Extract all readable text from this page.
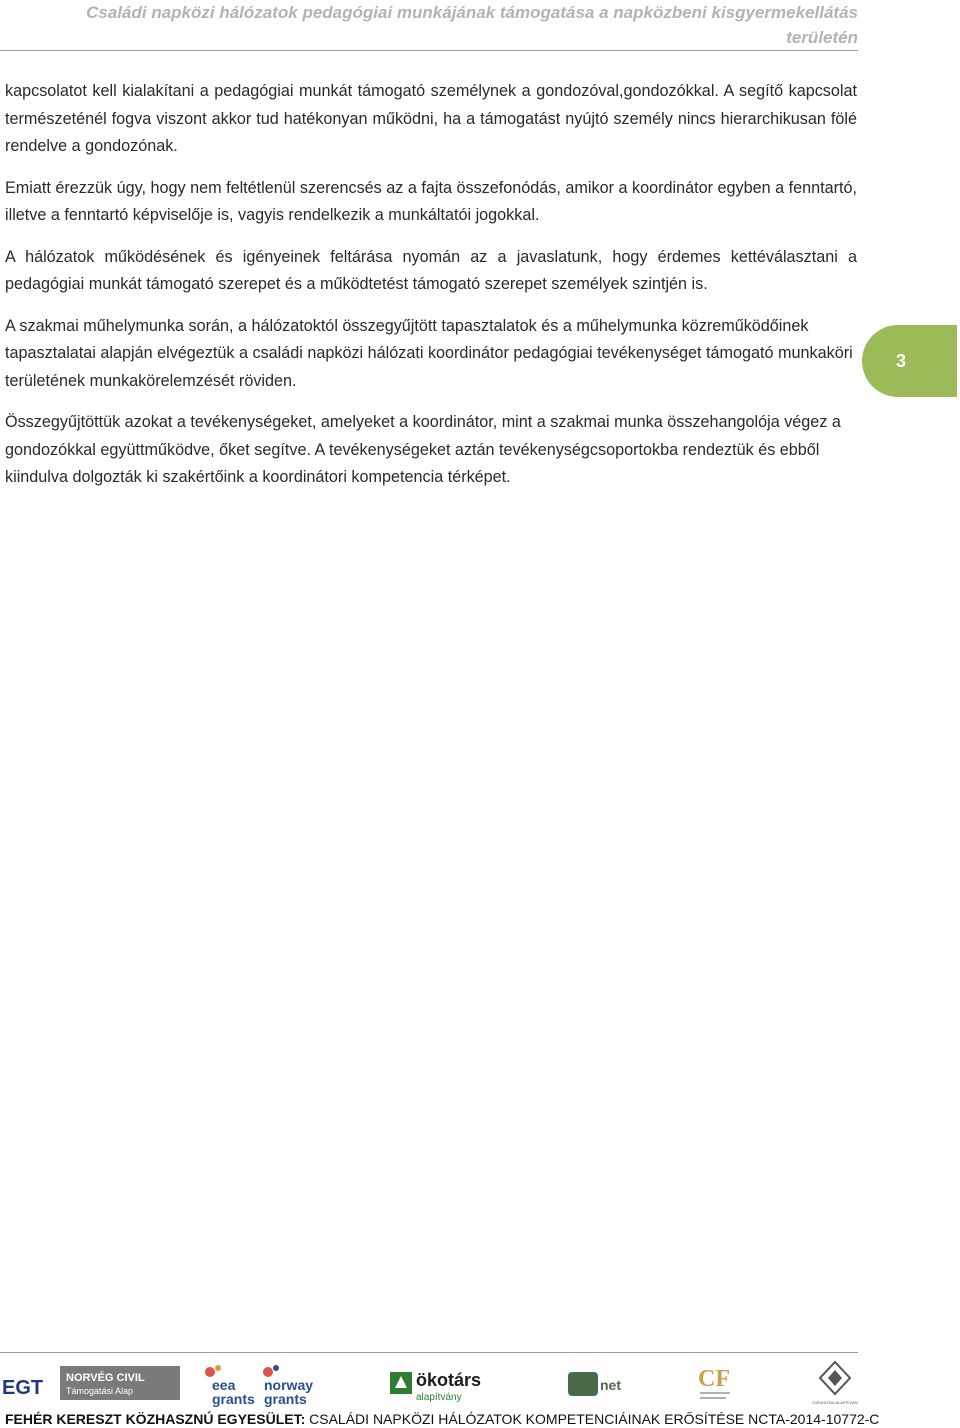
Családi napközi hálózatok pedagógiai munkájának támogatása a napközbeni kisgyermekellátás
területén

kapcsolatot kell kialakítani a pedagógiai munkát támogató személynek a gondozóval,gondozókkal. A segítő kapcsolat természeténél fogva viszont akkor tud hatékonyan működni, ha a támogatást nyújtó személy nincs hierarchikusan fölé rendelve a gondozónak.

Emiatt érezzük úgy, hogy nem feltétlenül szerencsés az a fajta összefonódás, amikor a koordinátor egyben a fenntartó, illetve a fenntartó képviselője is, vagyis rendelkezik a munkáltatói jogokkal.

A hálózatok működésének és igényeinek feltárása nyomán az a javaslatunk, hogy érdemes kettéválasztani a pedagógiai munkát támogató szerepet és a működtetést támogató szerepet személyek szintjén is.

A szakmai műhelymunka során, a hálózatoktól összegyűjtött tapasztalatok és a műhelymunka közreműködőinek tapasztalatai alapján elvégeztük a családi napközi hálózati koordinátor pedagógiai tevékenységet támogató munkaköri területének munkakörelemzését röviden.

Összegyűjtöttük azokat a tevékenységeket, amelyeket a koordinátor, mint a szakmai munka összehangolója végez a gondozókkal együttműködve, őket segítve. A tevékenységeket aztán tevékenységcsoportokba rendeztük és ebből kiindulva dolgozták ki szakértőink a koordinátori kompetencia térképet.

3
EGT NORVÉG CIVIL
Támogatási Alap	eea
grants
norway
grants
ökotárs
alapítvány
net	CF
KÖZHASZNÚ ALAPÍTVÁNY
FEHÉR KERESZT KÖZHASZNÚ EGYESÜLET: CSALÁDI NAPKÖZI HÁLÓZATOK KOMPETENCIÁINAK ERŐSÍTÉSE NCTA-2014-10772-C
